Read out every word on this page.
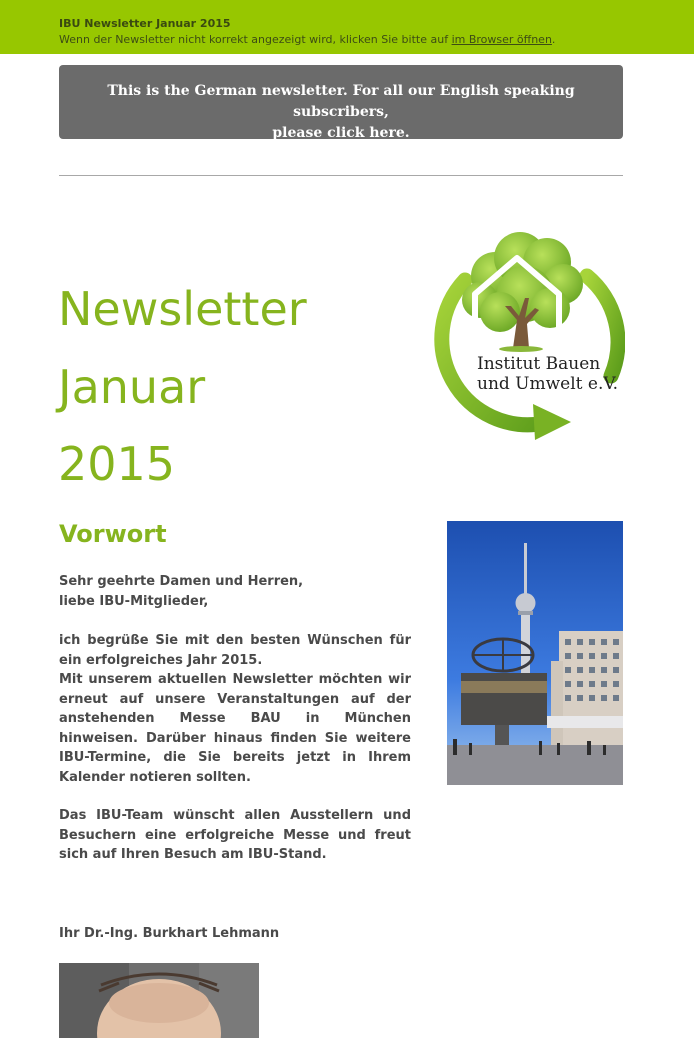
IBU Newsletter Januar 2015
Wenn der Newsletter nicht korrekt angezeigt wird, klicken Sie bitte auf im Browser öffnen.
This is the German newsletter. For all our English speaking subscribers,
please click here.
Newsletter
Januar
2015
Institut Bauen
und Umwelt e.V.
Vorwort

Sehr geehrte Damen und Herren,

liebe IBU-Mitglieder,

ich begrüße Sie mit den besten Wünschen für ein erfolgreiches Jahr 2015.

Mit unserem aktuellen Newsletter möchten wir erneut auf unsere Veranstaltungen auf der anstehenden Messe BAU in München hinweisen. Darüber hinaus finden Sie weitere IBU-Termine, die Sie bereits jetzt in Ihrem Kalender notieren sollten.

Das IBU-Team wünscht allen Ausstellern und Besuchern eine erfolgreiche Messe und freut sich auf Ihren Besuch am IBU-Stand.

Ihr Dr.-Ing. Burkhart Lehmann
